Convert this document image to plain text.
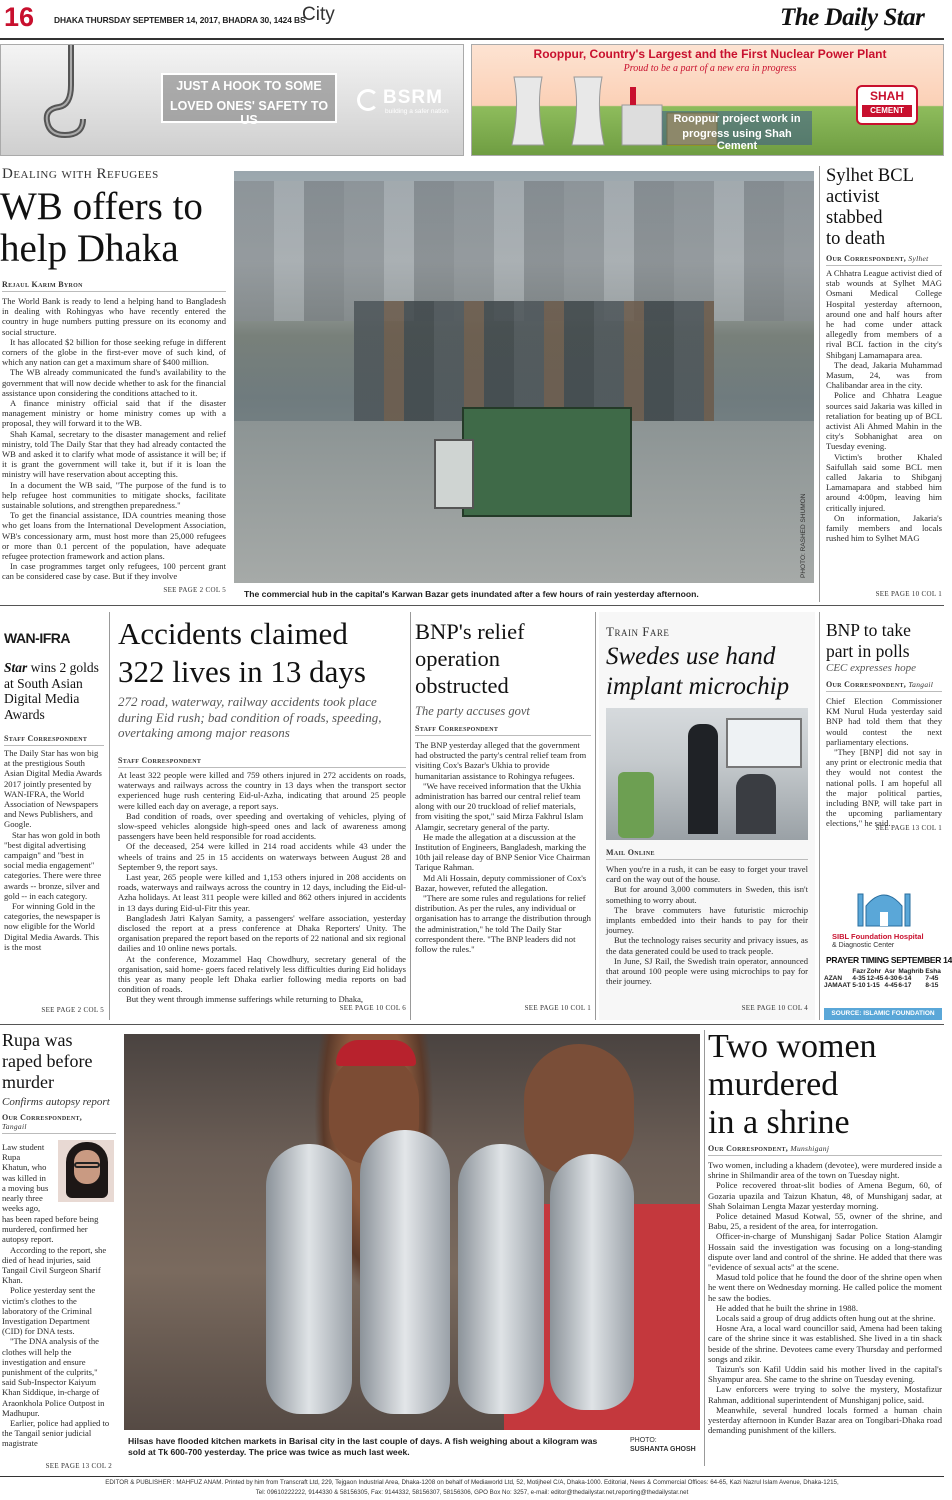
16 DHAKA THURSDAY SEPTEMBER 14, 2017, BHADRA 30, 1424 BS
City	The Daily Star
JUST A HOOK TO SOME
LOVED ONES' SAFETY TO US
BSRM
building a safer nation
Rooppur, Country's Largest and the First Nuclear Power Plant
Proud to be a part of a new era in progress
Rooppur project work in
progress using Shah Cement
SHAH
CEMENT
Dealing with Refugees
WB offers to
help Dhaka
Rejaul Karim Byron

The World Bank is ready to lend a helping hand to Bangladesh in dealing with Rohingyas who have recently entered the country in huge numbers putting pressure on its economy and social structure.

It has allocated $2 billion for those seeking refuge in different corners of the globe in the first-ever move of such kind, of which any nation can get a maximum share of $400 million.

The WB already communicated the fund's availability to the government that will now decide whether to ask for the financial assistance upon considering the conditions attached to it.

A finance ministry official said that if the disaster management ministry or home ministry comes up with a proposal, they will forward it to the WB.

Shah Kamal, secretary to the disaster management and relief ministry, told The Daily Star that they had already contacted the WB and asked it to clarify what mode of assistance it will be; if it is grant the government will take it, but if it is loan the ministry will have reservation about accepting this.

In a document the WB said, "The purpose of the fund is to help refugee host communities to mitigate shocks, facilitate sustainable solutions, and strengthen preparedness."

To get the financial assistance, IDA countries meaning those who get loans from the International Development Association, WB's concessionary arm, must host more than 25,000 refugees or more than 0.1 percent of the population, have adequate refugee protection framework and action plans.

In case programmes target only refugees, 100 percent grant can be considered case by case. But if they involve

SEE PAGE 2 COL 5
PHOTO: RASHED SHUMON
The commercial hub in the capital's Karwan Bazar gets inundated after a few hours of rain yesterday afternoon.
Sylhet BCL
activist
stabbed
to death
Our Correspondent, Sylhet

A Chhatra League activist died of stab wounds at Sylhet MAG Osmani Medical College Hospital yesterday afternoon, around one and half hours after he had come under attack allegedly from members of a rival BCL faction in the city's Shibganj Lamamapara area.

The dead, Jakaria Muhammad Masum, 24, was from Chalibandar area in the city.

Police and Chhatra League sources said Jakaria was killed in retaliation for beating up of BCL activist Ali Ahmed Mahin in the city's Sobhanighat area on Tuesday evening.

Victim's brother Khaled Saifullah said some BCL men called Jakaria to Shibganj Lamamapara and stabbed him around 4:00pm, leaving him critically injured.

On information, Jakaria's family members and locals rushed him to Sylhet MAG

SEE PAGE 10 COL 1
WAN-IFRA
Star wins 2 golds at South Asian Digital Media Awards
Staff Correspondent

The Daily Star has won big at the prestigious South Asian Digital Media Awards 2017 jointly presented by WAN-IFRA, the World Association of Newspapers and News Publishers, and Google.

Star has won gold in both "best digital advertising campaign" and "best in social media engagement" categories. There were three awards -- bronze, silver and gold -- in each category.

For winning Gold in the categories, the newspaper is now eligible for the World Digital Media Awards. This is the most

SEE PAGE 2 COL 5
Accidents claimed
322 lives in 13 days
272 road, waterway, railway accidents took place during Eid rush; bad condition of roads, speeding, overtaking among major reasons
Staff Correspondent

At least 322 people were killed and 759 others injured in 272 accidents on roads, waterways and railways across the country in 13 days when the transport sector experienced huge rush centering Eid-ul-Azha, indicating that around 25 people were killed each day on average, a report says.

Bad condition of roads, over speeding and overtaking of vehicles, plying of slow-speed vehicles alongside high-speed ones and lack of awareness among passengers have been held responsible for road accidents.

Of the deceased, 254 were killed in 214 road accidents while 43 under the wheels of trains and 25 in 15 accidents on waterways between August 28 and September 9, the report says.

Last year, 265 people were killed and 1,153 others injured in 208 accidents on roads, waterways and railways across the country in 12 days, including the Eid-ul-Azha holidays. At least 311 people were killed and 862 others injured in accidents in 13 days during Eid-ul-Fitr this year.

Bangladesh Jatri Kalyan Samity, a passengers' welfare association, yesterday disclosed the report at a press conference at Dhaka Reporters' Unity. The organisation prepared the report based on the reports of 22 national and six regional dailies and 10 online news portals.

At the conference, Mozammel Haq Chowdhury, secretary general of the organisation, said home- goers faced relatively less difficulties during Eid holidays this year as many people left Dhaka earlier following media reports on bad condition of roads.

But they went through immense sufferings while returning to Dhaka,

SEE PAGE 10 COL 6
BNP's relief
operation
obstructed
The party accuses govt
Staff Correspondent

The BNP yesterday alleged that the government had obstructed the party's central relief team from visiting Cox's Bazar's Ukhia to provide humanitarian assistance to Rohingya refugees.

"We have received information that the Ukhia administration has barred our central relief team along with our 20 truckload of relief materials, from visiting the spot," said Mirza Fakhrul Islam Alamgir, secretary general of the party.

He made the allegation at a discussion at the Institution of Engineers, Bangladesh, marking the 10th jail release day of BNP Senior Vice Chairman Tarique Rahman.

Md Ali Hossain, deputy commissioner of Cox's Bazar, however, refuted the allegation.

"There are some rules and regulations for relief distribution. As per the rules, any individual or organisation has to arrange the distribution through the administration," he told The Daily Star correspondent there. "The BNP leaders did not follow the rules."

SEE PAGE 10 COL 1
Train Fare
Swedes use hand
implant microchip
Mail Online

When you're in a rush, it can be easy to forget your travel card on the way out of the house.

But for around 3,000 commuters in Sweden, this isn't something to worry about.

The brave commuters have futuristic microchip implants embedded into their hands to pay for their journey.

But the technology raises security and privacy issues, as the data generated could be used to track people.

In June, SJ Rail, the Swedish train operator, announced that around 100 people were using microchips to pay for their journey.

SEE PAGE 10 COL 4
BNP to take
part in polls
CEC expresses hope
Our Correspondent, Tangail

Chief Election Commissioner KM Nurul Huda yesterday said BNP had told them that they would contest the next parliamentary elections.

"They [BNP] did not say in any print or electronic media that they would not contest the national polls. I am hopeful all the major political parties, including BNP, will take part in the upcoming parliamentary elections," he said.

SEE PAGE 13 COL 1
SIBL Foundation Hospital
& Diagnostic Center
PRAYER TIMING SEPTEMBER 14
	Fazr	Zohr	Asr	Maghrib	Esha
AZAN	4-35	12-45	4-30	6-14	7-45
JAMAAT	5-10	1-15	4-45	6-17	8-15
SOURCE: ISLAMIC FOUNDATION
Rupa was
raped before
murder
Confirms autopsy report
Our Correspondent,
Tangail
Law student
Rupa
Khatun, who
was killed in
a moving bus
nearly three
weeks ago,

has been raped before being murdered, confirmed her autopsy report.

According to the report, she died of head injuries, said Tangail Civil Surgeon Sharif Khan.

Police yesterday sent the victim's clothes to the laboratory of the Criminal Investigation Department (CID) for DNA tests.

"The DNA analysis of the clothes will help the investigation and ensure punishment of the culprits," said Sub-Inspector Kaiyum Khan Siddique, in-charge of Araonkhola Police Outpost in Madhupur.

Earlier, police had applied to the Tangail senior judicial magistrate

SEE PAGE 13 COL 2
Hilsas have flooded kitchen markets in Barisal city in the last couple of days. A fish weighing about a kilogram was sold at Tk 600-700 yesterday. The price was twice as much last week.
PHOTO:
SUSHANTA GHOSH
Two women
murdered
in a shrine
Our Correspondent, Munshiganj

Two women, including a khadem (devotee), were murdered inside a shrine in Shilmandir area of the town on Tuesday night.

Police recovered throat-slit bodies of Amena Begum, 60, of Gozaria upazila and Taizun Khatun, 48, of Munshiganj sadar, at Shah Solaiman Lengta Mazar yesterday morning.

Police detained Masud Kotwal, 55, owner of the shrine, and Babu, 25, a resident of the area, for interrogation.

Officer-in-charge of Munshiganj Sadar Police Station Alamgir Hossain said the investigation was focusing on a long-standing dispute over land and control of the shrine. He added that there was "evidence of sexual acts" at the scene.

Masud told police that he found the door of the shrine open when he went there on Wednesday morning. He called police the moment he saw the bodies.

He added that he built the shrine in 1988.

Locals said a group of drug addicts often hung out at the shrine.

Hosne Ara, a local ward councillor said, Amena had been taking care of the shrine since it was established. She lived in a tin shack beside of the shrine. Devotees came every Thursday and performed songs and zikir.

Taizun's son Kafil Uddin said his mother lived in the capital's Shyampur area. She came to the shrine on Tuesday evening.

Law enforcers were trying to solve the mystery, Mostafizur Rahman, additional superintendent of Munshiganj police, said.

Meanwhile, several hundred locals formed a human chain yesterday afternoon in Kunder Bazar area on Tongibari-Dhaka road demanding punishment of the killers.

EDITOR & PUBLISHER : MAHFUZ ANAM. Printed by him from Transcraft Ltd, 229, Tejgaon Industrial Area, Dhaka-1208 on behalf of Mediaworld Ltd, 52, Motijheel C/A, Dhaka-1000. Editorial, News & Commercial Offices: 64-65, Kazi Nazrul Islam Avenue, Dhaka-1215,
Tel: 09610222222, 9144330 & 58156305, Fax: 9144332, 58156307, 58156306, GPO Box No: 3257, e-mail: editor@thedailystar.net,reporting@thedailystar.net
